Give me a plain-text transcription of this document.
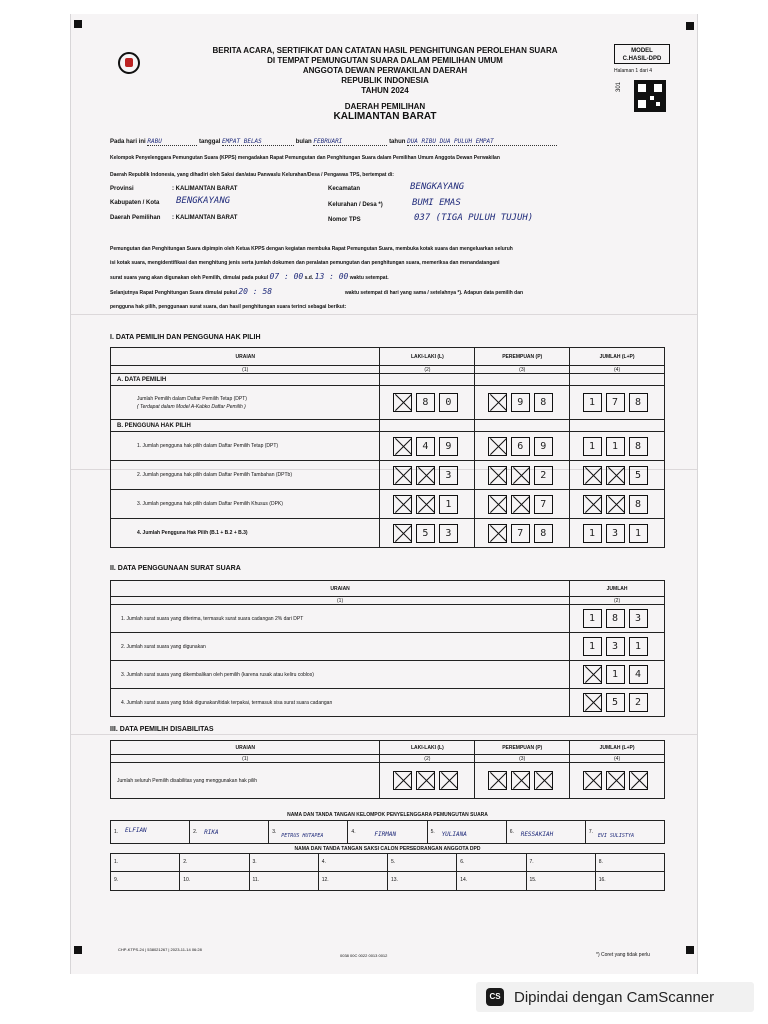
BERITA ACARA, SERTIFIKAT DAN CATATAN HASIL PENGHITUNGAN PEROLEHAN SUARA
DI TEMPAT PEMUNGUTAN SUARA DALAM PEMILIHAN UMUM
ANGGOTA DEWAN PERWAKILAN DAERAH
REPUBLIK INDONESIA
TAHUN 2024
DAERAH PEMILIHAN
KALIMANTAN BARAT
MODEL
C.HASIL-DPD
Halaman 1 dari 4
301
Pada hari ini RABU	tanggal EMPAT BELAS	bulan FEBRUARI	tahun DUA RIBU DUA PULUH EMPAT
Kelompok Penyelenggara Pemungutan Suara (KPPS) mengadakan Rapat Pemungutan dan Penghitungan Suara dalam Pemilihan Umum Anggota Dewan Perwakilan
Daerah Republik Indonesia, yang dihadiri oleh Saksi dan/atau Panwaslu Kelurahan/Desa / Pengawas TPS, bertempat di:
Provinsi	: KALIMANTAN BARAT
Kabupaten / Kota BENGKAYANG
Daerah Pemilihan : KALIMANTAN BARAT
Kecamatan	BENGKAYANG
Kelurahan / Desa *)	BUMI EMAS
Nomor TPS	037 (TIGA PULUH TUJUH)
Pemungutan dan Penghitungan Suara dipimpin oleh Ketua KPPS dengan kegiatan membuka Rapat Pemungutan Suara, membuka kotak suara dan mengeluarkan seluruh
isi kotak suara, mengidentifikasi dan menghitung jenis serta jumlah dokumen dan peralatan pemungutan dan penghitungan suara, memeriksa dan menandatangani
surat suara yang akan digunakan oleh Pemilih, dimulai pada pukul 07 : 00 s.d. 13 : 00 waktu setempat.
Selanjutnya Rapat Penghitungan Suara dimulai pukul 20 : 58	waktu setempat di hari yang sama / setelahnya *). Adapun data pemilih dan
pengguna hak pilih, penggunaan surat suara, dan hasil penghitungan suara terinci sebagai berikut:
I. DATA PEMILIH DAN PENGGUNA HAK PILIH
URAIAN	LAKI-LAKI (L)	PEREMPUAN (P)	JUMLAH (L+P)
(1)	(2)	(3)	(4)
A. DATA PEMILIH			

Jumlah Pemilih dalam Daftar Pemilih Tetap (DPT)
( Terdapat dalam Model A-Kabko Daftar Pemilih )	8 0	9 8	1 7 8
B. PENGGUNA HAK PILIH			
1. Jumlah pengguna hak pilih dalam Daftar Pemilih Tetap (DPT)	4 9	6 9	1 1 8
2. Jumlah pengguna hak pilih dalam Daftar Pemilih Tambahan (DPTb)	3	2	5
3. Jumlah pengguna hak pilih dalam Daftar Pemilih Khusus (DPK)	1	7	8
4. Jumlah Pengguna Hak Pilih (B.1 + B.2 + B.3)	5 3	7 8	1 3 1
II. DATA PENGGUNAAN SURAT SUARA
URAIAN	JUMLAH
(1)	(2)
1. Jumlah surat suara yang diterima, termasuk surat suara cadangan 2% dari DPT	1 8 3
2. Jumlah surat suara yang digunakan	1 3 1
3. Jumlah surat suara yang dikembalikan oleh pemilih (karena rusak atau keliru coblos)	1 4
4. Jumlah surat suara yang tidak digunakan/tidak terpakai, termasuk sisa surat suara cadangan	5 2
III. DATA PEMILIH DISABILITAS
URAIAN	LAKI-LAKI (L)	PEREMPUAN (P)	JUMLAH (L+P)
(1)	(2)	(3)	(4)
Jumlah seluruh Pemilih disabilitas yang menggunakan hak pilih			
NAMA DAN TANDA TANGAN KELOMPOK PENYELENGGARA PEMUNGUTAN SUARA
1. ELFIAN	2. RIKA	3.
PETRUS HUTAPEA
4.	FIRMAN	5. YULIANA	6. RESSAKIAH	7.
EVI SULISTYA
NAMA DAN TANDA TANGAN SAKSI CALON PERSEORANGAN ANGGOTA DPD
1.	2.	3.	4.	5.	6.	7.	8.
9.	10.	11.	12.	13.	14.	15.	16.
CHP-KTPS-24 | 538021267 | 2023-11-14 06:28
0038 00C 0022 0013 0012	*) Coret yang tidak perlu
CS Dipindai dengan CamScanner
